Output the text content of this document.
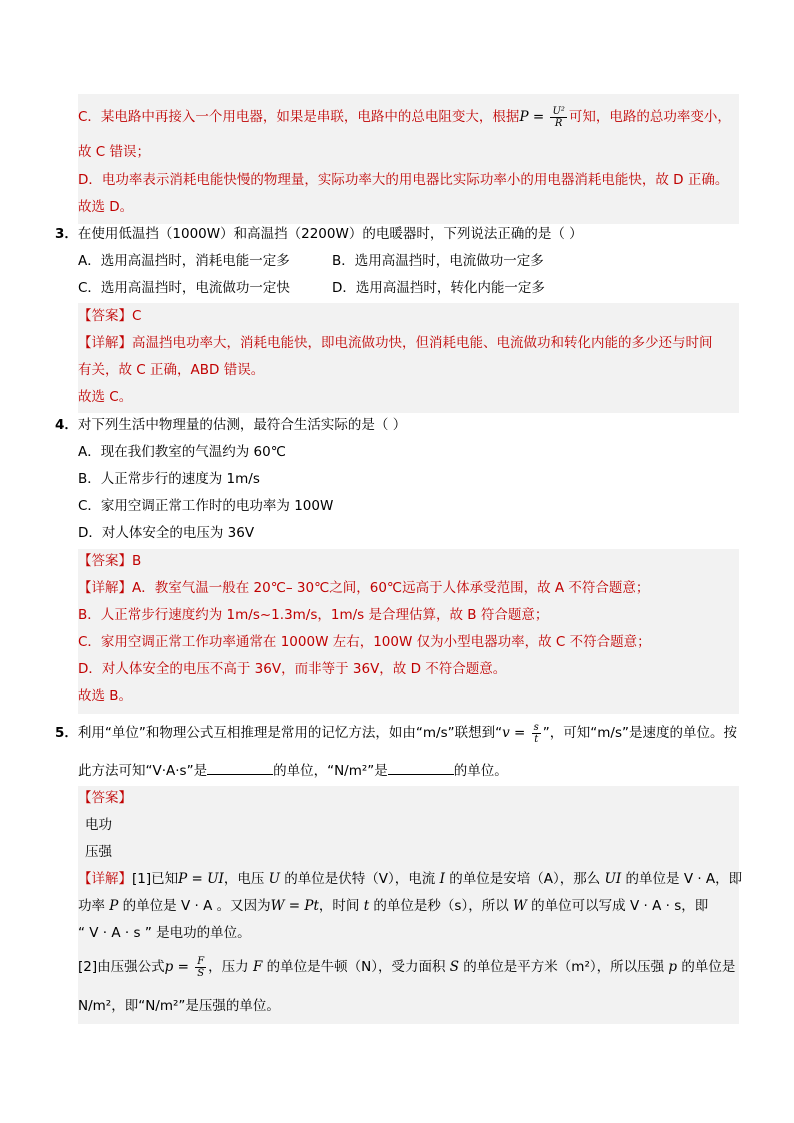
C．某电路中再接入一个用电器，如果是串联，电路中的总电阻变大，根据$P = \frac{\text{U²}}{R}$ 可知，电路的总功率变小，
故 C 错误；
D．电功率表示消耗电能快慢的物理量，实际功率大的用电器比实际功率小的用电器消耗电能快，故 D 正确。
故选 D。
3．在使用低温挡（1000W）和高温挡（2200W）的电暖器时，下列说法正确的是（ ）
A．选用高温挡时，消耗电能一定多	B．选用高温挡时，电流做功一定多
C．选用高温挡时，电流做功一定快	D．选用高温挡时，转化内能一定多
【答案】C
【详解】高温挡电功率大，消耗电能快，即电流做功快，但消耗电能、电流做功和转化内能的多少还与时间
有关，故 C 正确，ABD 错误。
故选 C。
4．对下列生活中物理量的估测，最符合生活实际的是（ ）
A．现在我们教室的气温约为 60℃
B．人正常步行的速度为 1m/s
C．家用空调正常工作时的电功率为 100W
D．对人体安全的电压为 36V
【答案】B
【详解】A．教室气温一般在 20℃– 30℃之间，60℃远高于人体承受范围，故 A 不符合题意；
B．人正常步行速度约为 1m/s~1.3m/s，1m/s 是合理估算，故 B 符合题意；
C．家用空调正常工作功率通常在 1000W 左右，100W 仅为小型电器功率，故 C 不符合题意；
D．对人体安全的电压不高于 36V，而非等于 36V，故 D 不符合题意。
故选 B。
5．利用“单位”和物理公式互相推理是常用的记忆方法，如由“m/s”联想到“$v = \frac{s}{t}$ ”，可知“m/s”是速度的单位。按
此方法可知“V·A·s”是	的单位，“N/m²”是	的单位。
【答案】
电功
压强
【详解】[1]已知P = UI，电压 U 的单位是伏特（V），电流 I 的单位是安培（A），那么 UI 的单位是 V · A，即
功率 P 的单位是 V · A 。又因为W = Pt，时间 t 的单位是秒（s），所以 W 的单位可以写成 V · A · s，即
“ V · A · s ” 是电功的单位。
[2]由压强公式$p = \frac{F}{S}$ ，压力 F 的单位是牛顿（N），受力面积 S 的单位是平方米（m²），所以压强 p 的单位是
N/m²，即“N/m²”是压强的单位。
